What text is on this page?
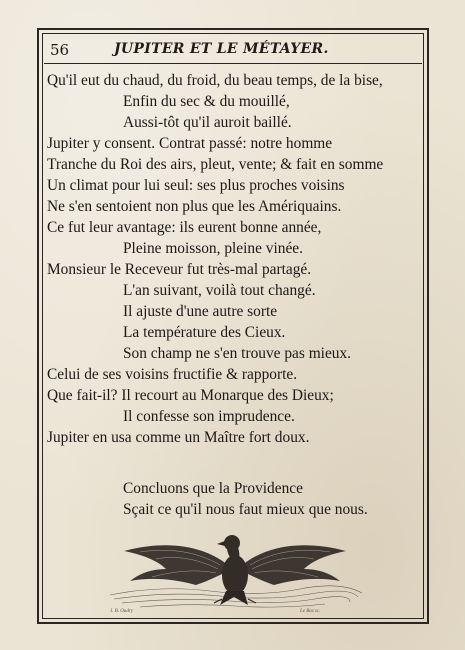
56	JUPITER ET LE MÉTAYER.
Qu'il eut du chaud, du froid, du beau temps, de la bise,
Enfin du sec & du mouillé,
Aussi-tôt qu'il auroit baillé.
Jupiter y consent. Contrat passé: notre homme
Tranche du Roi des airs, pleut, vente; & fait en somme
Un climat pour lui seul: ses plus proches voisins
Ne s'en sentoient non plus que les Amériquains.
Ce fut leur avantage: ils eurent bonne année,
Pleine moisson, pleine vinée.
Monsieur le Receveur fut très-mal partagé.
L'an suivant, voilà tout changé.
Il ajuste d'une autre sorte
La température des Cieux.
Son champ ne s'en trouve pas mieux.
Celui de ses voisins fructifie & rapporte.
Que fait-il? Il recourt au Monarque des Dieux;
Il confesse son imprudence.
Jupiter en usa comme un Maître fort doux.
Concluons que la Providence
Sçait ce qu'il nous faut mieux que nous.
J. B. Oudry	Le Bas sc.
